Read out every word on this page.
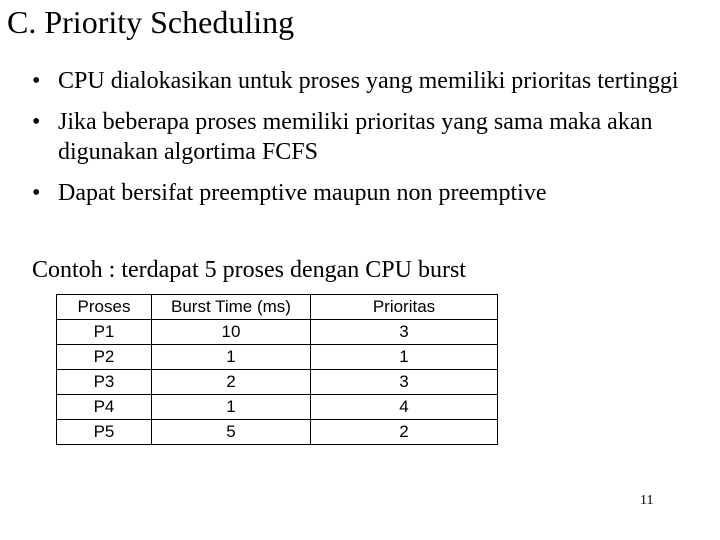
C. Priority Scheduling
• CPU dialokasikan untuk proses yang memiliki prioritas tertinggi
• Jika beberapa proses memiliki prioritas yang sama maka akan digunakan algortima FCFS
• Dapat bersifat preemptive maupun non preemptive
Contoh : terdapat 5 proses dengan CPU burst
Proses	Burst Time (ms)	Prioritas
P1	10	3
P2	1	1
P3	2	3
P4	1	4
P5	5	2
11
